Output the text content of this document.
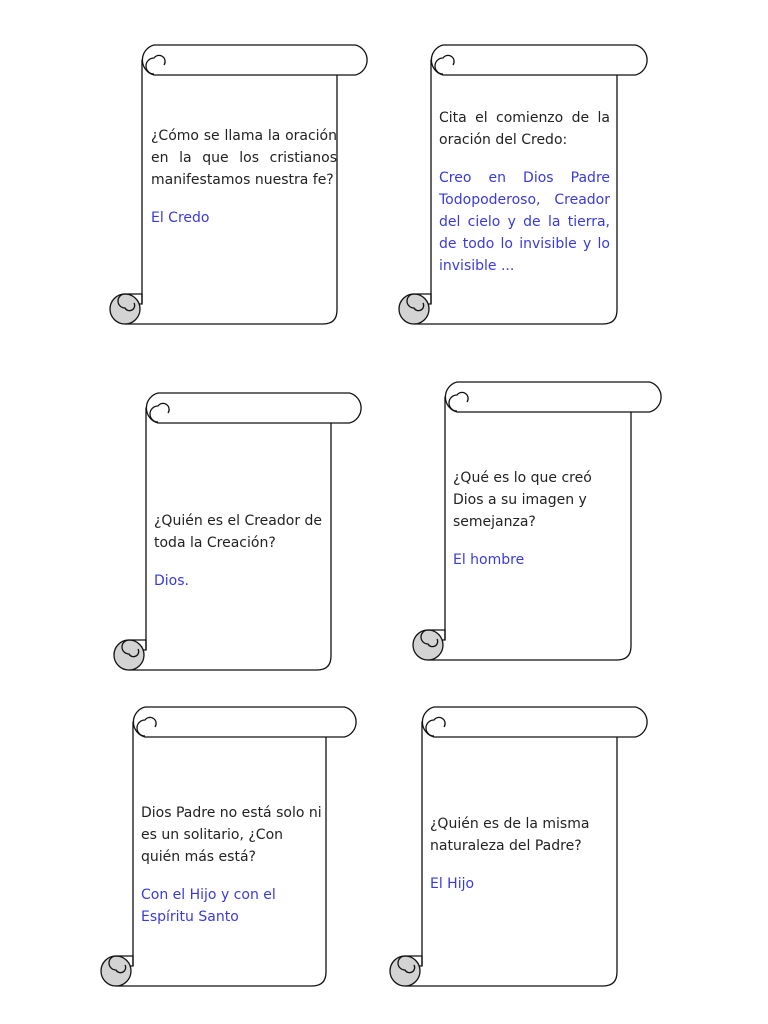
¿Cómo se llama la oración en la que los cristianos manifestamos nuestra fe?

El Credo

Cita el comienzo de la oración del Credo:

Creo en Dios Padre Todopoderoso, Creador del cielo y de la tierra, de todo lo invisible y lo invisible ...

¿Quién es el Creador de toda la Creación?

Dios.

¿Qué es lo que creó Dios a su imagen y semejanza?

El hombre

Dios Padre no está solo ni es un solitario, ¿Con quién más está?

Con el Hijo y con el Espíritu Santo

¿Quién es de la misma naturaleza del Padre?

El Hijo
